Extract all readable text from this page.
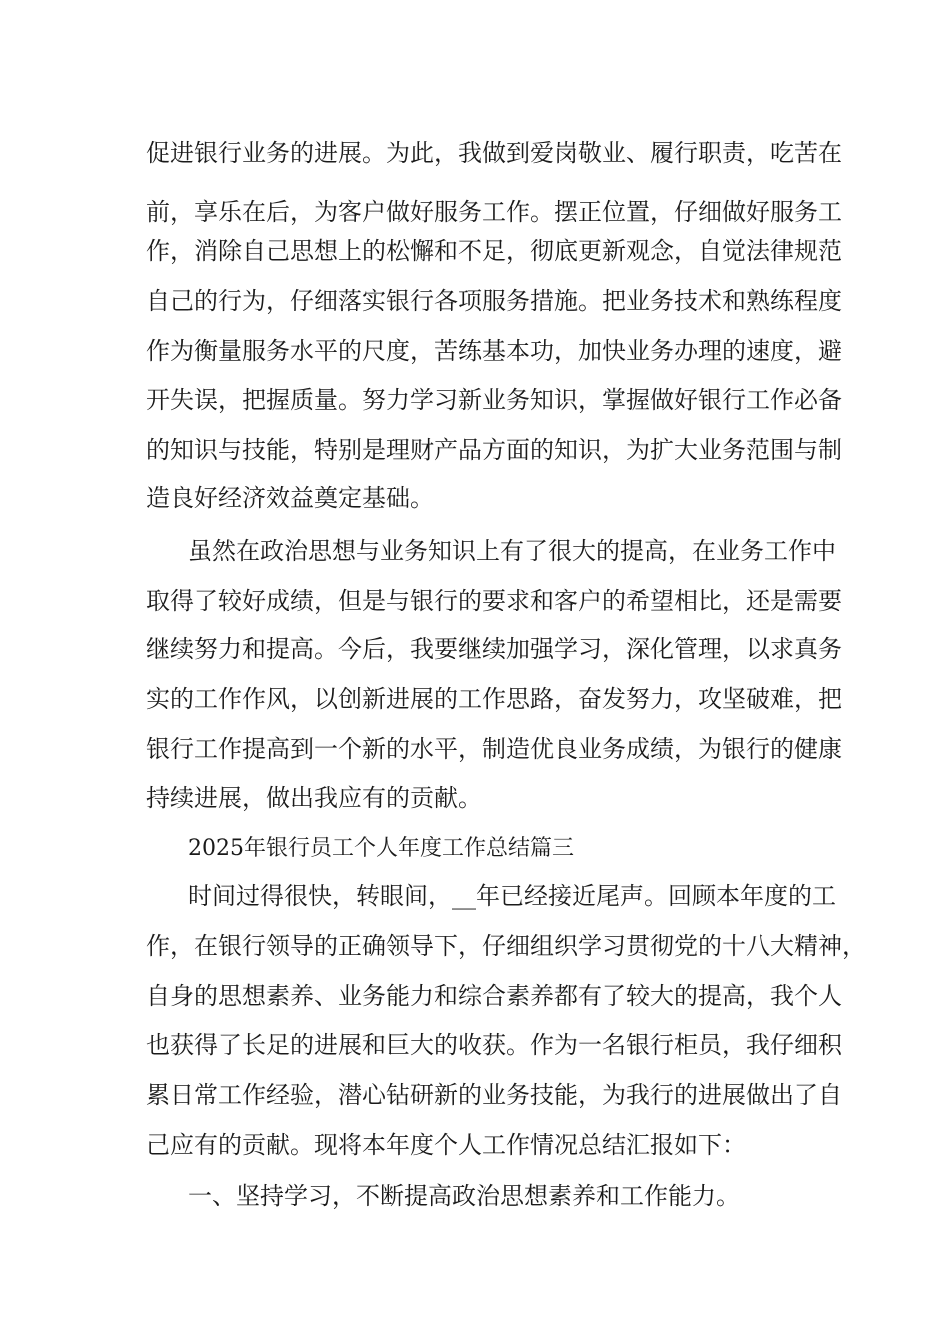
促进银行业务的进展。为此，我做到爱岗敬业、履行职责，吃苦在

前，享乐在后，为客户做好服务工作。摆正位置，仔细做好服务工

作，消除自己思想上的松懈和不足，彻底更新观念，自觉法律规范

自己的行为，仔细落实银行各项服务措施。把业务技术和熟练程度

作为衡量服务水平的尺度，苦练基本功，加快业务办理的速度，避

开失误，把握质量。努力学习新业务知识，掌握做好银行工作必备

的知识与技能，特别是理财产品方面的知识，为扩大业务范围与制

造良好经济效益奠定基础。

虽然在政治思想与业务知识上有了很大的提高，在业务工作中

取得了较好成绩，但是与银行的要求和客户的希望相比，还是需要

继续努力和提高。今后，我要继续加强学习，深化管理，以求真务

实的工作作风，以创新进展的工作思路，奋发努力，攻坚破难，把

银行工作提高到一个新的水平，制造优良业务成绩，为银行的健康

持续进展，做出我应有的贡献。

2025年银行员工个人年度工作总结篇三

时间过得很快，转眼间，__年已经接近尾声。回顾本年度的工

作，在银行领导的正确领导下，仔细组织学习贯彻党的十八大精神，

自身的思想素养、业务能力和综合素养都有了较大的提高，我个人

也获得了长足的进展和巨大的收获。作为一名银行柜员，我仔细积

累日常工作经验，潜心钻研新的业务技能，为我行的进展做出了自

己应有的贡献。现将本年度个人工作情况总结汇报如下：

一、坚持学习，不断提高政治思想素养和工作能力。
